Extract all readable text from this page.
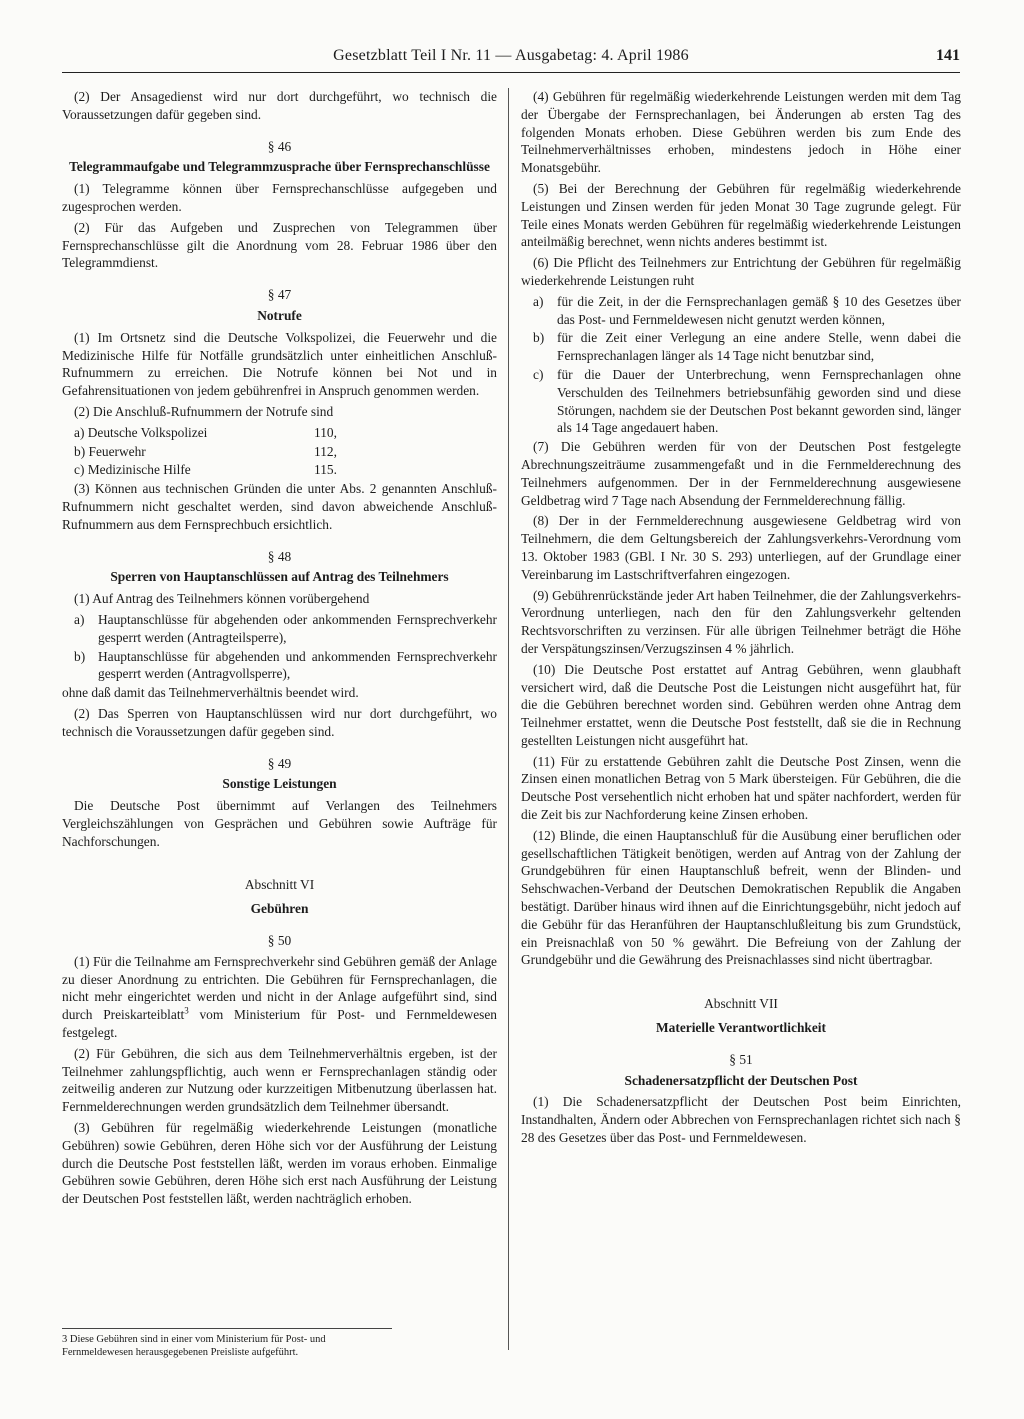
Gesetzblatt Teil I Nr. 11 — Ausgabetag: 4. April 1986	141

(2) Der Ansagedienst wird nur dort durchgeführt, wo technisch die Voraussetzungen dafür gegeben sind.

§ 46
Telegrammaufgabe und Telegrammzusprache über Fernsprechanschlüsse

(1) Telegramme können über Fernsprechanschlüsse aufgegeben und zugesprochen werden.

(2) Für das Aufgeben und Zusprechen von Telegrammen über Fernsprechanschlüsse gilt die Anordnung vom 28. Februar 1986 über den Telegrammdienst.

§ 47
Notrufe

(1) Im Ortsnetz sind die Deutsche Volkspolizei, die Feuerwehr und die Medizinische Hilfe für Notfälle grundsätzlich unter einheitlichen Anschluß-Rufnummern zu erreichen. Die Notrufe können bei Not und in Gefahrensituationen von jedem gebührenfrei in Anspruch genommen werden.

(2) Die Anschluß-Rufnummern der Notrufe sind

a) Deutsche Volkspolizei	110,
b) Feuerwehr	112,
c) Medizinische Hilfe	115.

(3) Können aus technischen Gründen die unter Abs. 2 genannten Anschluß-Rufnummern nicht geschaltet werden, sind davon abweichende Anschluß-Rufnummern aus dem Fernsprechbuch ersichtlich.

§ 48
Sperren von Hauptanschlüssen auf Antrag des Teilnehmers

(1) Auf Antrag des Teilnehmers können vorübergehend

a)	Hauptanschlüsse für abgehenden oder ankommenden Fernsprechverkehr gesperrt werden (Antragteilsperre),
b) Hauptanschlüsse für abgehenden und ankommenden Fernsprechverkehr gesperrt werden (Antragvollsperre),

ohne daß damit das Teilnehmerverhältnis beendet wird.

(2) Das Sperren von Hauptanschlüssen wird nur dort durchgeführt, wo technisch die Voraussetzungen dafür gegeben sind.

§ 49
Sonstige Leistungen

Die Deutsche Post übernimmt auf Verlangen des Teilnehmers Vergleichszählungen von Gesprächen und Gebühren sowie Aufträge für Nachforschungen.

Abschnitt VI
Gebühren
§ 50

(1) Für die Teilnahme am Fernsprechverkehr sind Gebühren gemäß der Anlage zu dieser Anordnung zu entrichten. Die Gebühren für Fernsprechanlagen, die nicht mehr eingerichtet werden und nicht in der Anlage aufgeführt sind, sind durch Preiskarteiblatt$^3$ vom Ministerium für Post- und Fernmeldewesen festgelegt.

(2) Für Gebühren, die sich aus dem Teilnehmerverhältnis ergeben, ist der Teilnehmer zahlungspflichtig, auch wenn er Fernsprechanlagen ständig oder zeitweilig anderen zur Nutzung oder kurzzeitigen Mitbenutzung überlassen hat. Fernmelderechnungen werden grundsätzlich dem Teilnehmer übersandt.

(3) Gebühren für regelmäßig wiederkehrende Leistungen (monatliche Gebühren) sowie Gebühren, deren Höhe sich vor der Ausführung der Leistung durch die Deutsche Post feststellen läßt, werden im voraus erhoben. Einmalige Gebühren sowie Gebühren, deren Höhe sich erst nach Ausführung der Leistung der Deutschen Post feststellen läßt, werden nachträglich erhoben.

3 Diese Gebühren sind in einer vom Ministerium für Post- und Fernmeldewesen herausgegebenen Preisliste aufgeführt.

(4) Gebühren für regelmäßig wiederkehrende Leistungen werden mit dem Tag der Übergabe der Fernsprechanlagen, bei Änderungen ab ersten Tag des folgenden Monats erhoben. Diese Gebühren werden bis zum Ende des Teilnehmerverhältnisses erhoben, mindestens jedoch in Höhe einer Monatsgebühr.

(5) Bei der Berechnung der Gebühren für regelmäßig wiederkehrende Leistungen und Zinsen werden für jeden Monat 30 Tage zugrunde gelegt. Für Teile eines Monats werden Gebühren für regelmäßig wiederkehrende Leistungen anteilmäßig berechnet, wenn nichts anderes bestimmt ist.

(6) Die Pflicht des Teilnehmers zur Entrichtung der Gebühren für regelmäßig wiederkehrende Leistungen ruht

a)	für die Zeit, in der die Fernsprechanlagen gemäß § 10 des Gesetzes über das Post- und Fernmeldewesen nicht genutzt werden können,
b) für die Zeit einer Verlegung an eine andere Stelle, wenn dabei die Fernsprechanlagen länger als 14 Tage nicht benutzbar sind,
c)	für die Dauer der Unterbrechung, wenn Fernsprechanlagen ohne Verschulden des Teilnehmers betriebsunfähig geworden sind und diese Störungen, nachdem sie der Deutschen Post bekannt geworden sind, länger als 14 Tage angedauert haben.

(7) Die Gebühren werden für von der Deutschen Post festgelegte Abrechnungszeiträume zusammengefaßt und in die Fernmelderechnung des Teilnehmers aufgenommen. Der in der Fernmelderechnung ausgewiesene Geldbetrag wird 7 Tage nach Absendung der Fernmelderechnung fällig.

(8) Der in der Fernmelderechnung ausgewiesene Geldbetrag wird von Teilnehmern, die dem Geltungsbereich der Zahlungsverkehrs-Verordnung vom 13. Oktober 1983 (GBl. I Nr. 30 S. 293) unterliegen, auf der Grundlage einer Vereinbarung im Lastschriftverfahren eingezogen.

(9) Gebührenrückstände jeder Art haben Teilnehmer, die der Zahlungsverkehrs-Verordnung unterliegen, nach den für den Zahlungsverkehr geltenden Rechtsvorschriften zu verzinsen. Für alle übrigen Teilnehmer beträgt die Höhe der Verspätungszinsen/Verzugszinsen 4 % jährlich.

(10) Die Deutsche Post erstattet auf Antrag Gebühren, wenn glaubhaft versichert wird, daß die Deutsche Post die Leistungen nicht ausgeführt hat, für die die Gebühren berechnet worden sind. Gebühren werden ohne Antrag dem Teilnehmer erstattet, wenn die Deutsche Post feststellt, daß sie die in Rechnung gestellten Leistungen nicht ausgeführt hat.

(11) Für zu erstattende Gebühren zahlt die Deutsche Post Zinsen, wenn die Zinsen einen monatlichen Betrag von 5 Mark übersteigen. Für Gebühren, die die Deutsche Post versehentlich nicht erhoben hat und später nachfordert, werden für die Zeit bis zur Nachforderung keine Zinsen erhoben.

(12) Blinde, die einen Hauptanschluß für die Ausübung einer beruflichen oder gesellschaftlichen Tätigkeit benötigen, werden auf Antrag von der Zahlung der Grundgebühren für einen Hauptanschluß befreit, wenn der Blinden- und Sehschwachen-Verband der Deutschen Demokratischen Republik die Angaben bestätigt. Darüber hinaus wird ihnen auf die Einrichtungsgebühr, nicht jedoch auf die Gebühr für das Heranführen der Hauptanschlußleitung bis zum Grundstück, ein Preisnachlaß von 50 % gewährt. Die Befreiung von der Zahlung der Grundgebühr und die Gewährung des Preisnachlasses sind nicht übertragbar.

Abschnitt VII
Materielle Verantwortlichkeit
§ 51
Schadenersatzpflicht der Deutschen Post

(1) Die Schadenersatzpflicht der Deutschen Post beim Einrichten, Instandhalten, Ändern oder Abbrechen von Fernsprechanlagen richtet sich nach § 28 des Gesetzes über das Post- und Fernmeldewesen.
